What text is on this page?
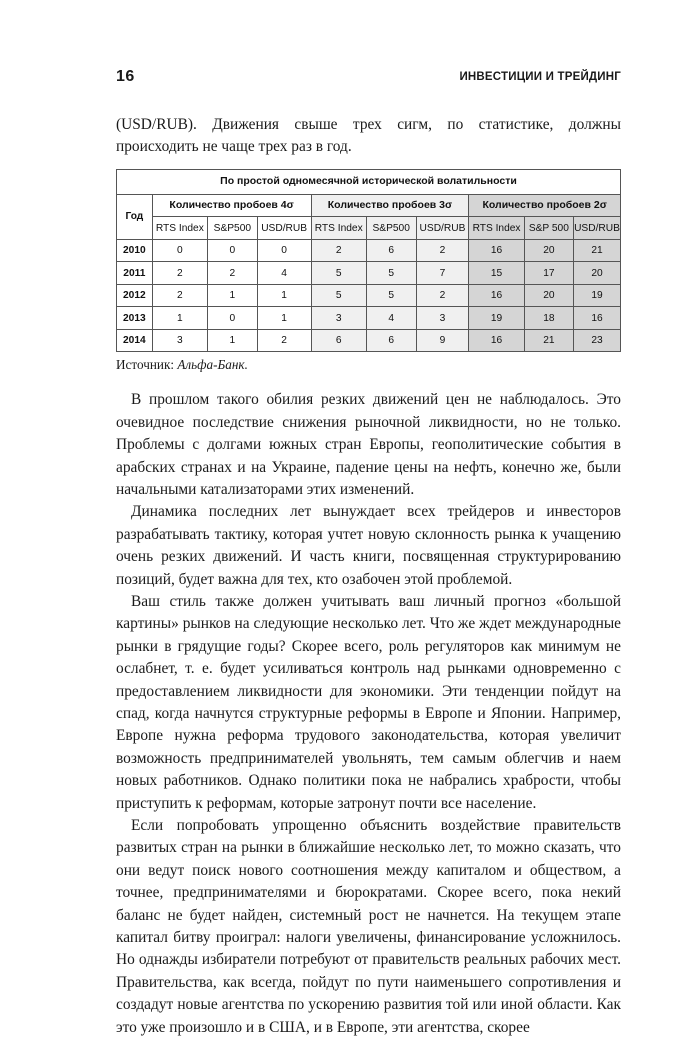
16	ИНВЕСТИЦИИ И ТРЕЙДИНГ

(USD/RUB). Движения свыше трех сигм, по статистике, должны происходить не чаще трех раз в год.

По простой одномесячной исторической волатильности									
Год	Количество пробоев 4σ			Количество пробоев 3σ			Количество пробоев 2σ		
	RTS Index	S&P500	USD/RUB	RTS Index	S&P500	USD/RUB	RTS Index	S&P 500	USD/RUB
2010	0	0	0	2	6	2	16	20	21
2011	2	2	4	5	5	7	15	17	20
2012	2	1	1	5	5	2	16	20	19
2013	1	0	1	3	4	3	19	18	16
2014	3	1	2	6	6	9	16	21	23
Источник: Альфа-Банк.

В прошлом такого обилия резких движений цен не наблюдалось. Это очевидное последствие снижения рыночной ликвидности, но не только. Проблемы с долгами южных стран Европы, геополитические события в арабских странах и на Украине, падение цены на нефть, конечно же, были начальными катализаторами этих изменений.

Динамика последних лет вынуждает всех трейдеров и инвесторов разрабатывать тактику, которая учтет новую склонность рынка к учащению очень резких движений. И часть книги, посвященная структурированию позиций, будет важна для тех, кто озабочен этой проблемой.

Ваш стиль также должен учитывать ваш личный прогноз «большой картины» рынков на следующие несколько лет. Что же ждет международные рынки в грядущие годы? Скорее всего, роль регуляторов как минимум не ослабнет, т. е. будет усиливаться контроль над рынками одновременно с предоставлением ликвидности для экономики. Эти тенденции пойдут на спад, когда начнутся структурные реформы в Европе и Японии. Например, Европе нужна реформа трудового законодательства, которая увеличит возможность предпринимателей увольнять, тем самым облегчив и наем новых работников. Однако политики пока не набрались храбрости, чтобы приступить к реформам, которые затронут почти все население.

Если попробовать упрощенно объяснить воздействие правительств развитых стран на рынки в ближайшие несколько лет, то можно сказать, что они ведут поиск нового соотношения между капиталом и обществом, а точнее, предпринимателями и бюрократами. Скорее всего, пока некий баланс не будет найден, системный рост не начнется. На текущем этапе капитал битву проиграл: налоги увеличены, финансирование усложнилось. Но однажды избиратели потребуют от правительств реальных рабочих мест. Правительства, как всегда, пойдут по пути наименьшего сопротивления и создадут новые агентства по ускорению развития той или иной области. Как это уже произошло и в США, и в Европе, эти агентства, скорее
